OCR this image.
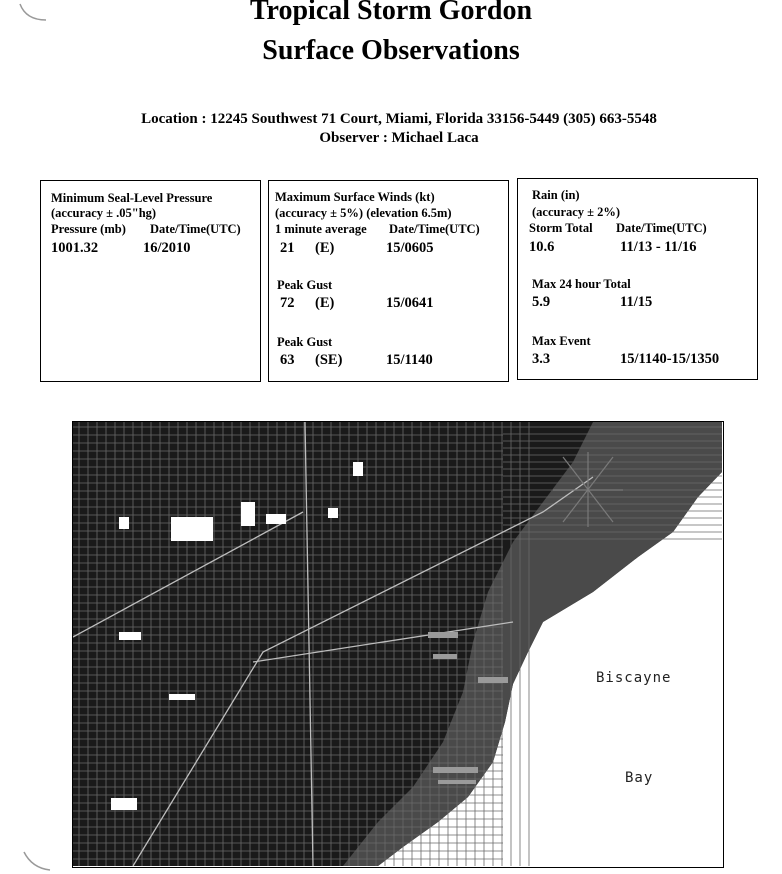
Tropical Storm Gordon
Surface Observations
Location : 12245 Southwest 71 Court, Miami, Florida 33156-5449 (305) 663-5548
Observer : Michael Laca
Minimum Seal-Level Pressure
(accuracy ± .05"hg)
Pressure (mb) Date/Time(UTC)
1001.32	16/2010
Maximum Surface Winds (kt)
(accuracy ± 5%) (elevation 6.5m)
1 minute average Date/Time(UTC)
21 (E)	15/0605
Peak Gust
72 (E)	15/0641
Peak Gust
63 (SE)	15/1140
Rain (in)
(accuracy ± 2%)
Storm Total Date/Time(UTC)
10.6	11/13 - 11/16
Max 24 hour Total
5.9	11/15
Max Event
3.3	15/1140-15/1350
Biscayne
Bay
